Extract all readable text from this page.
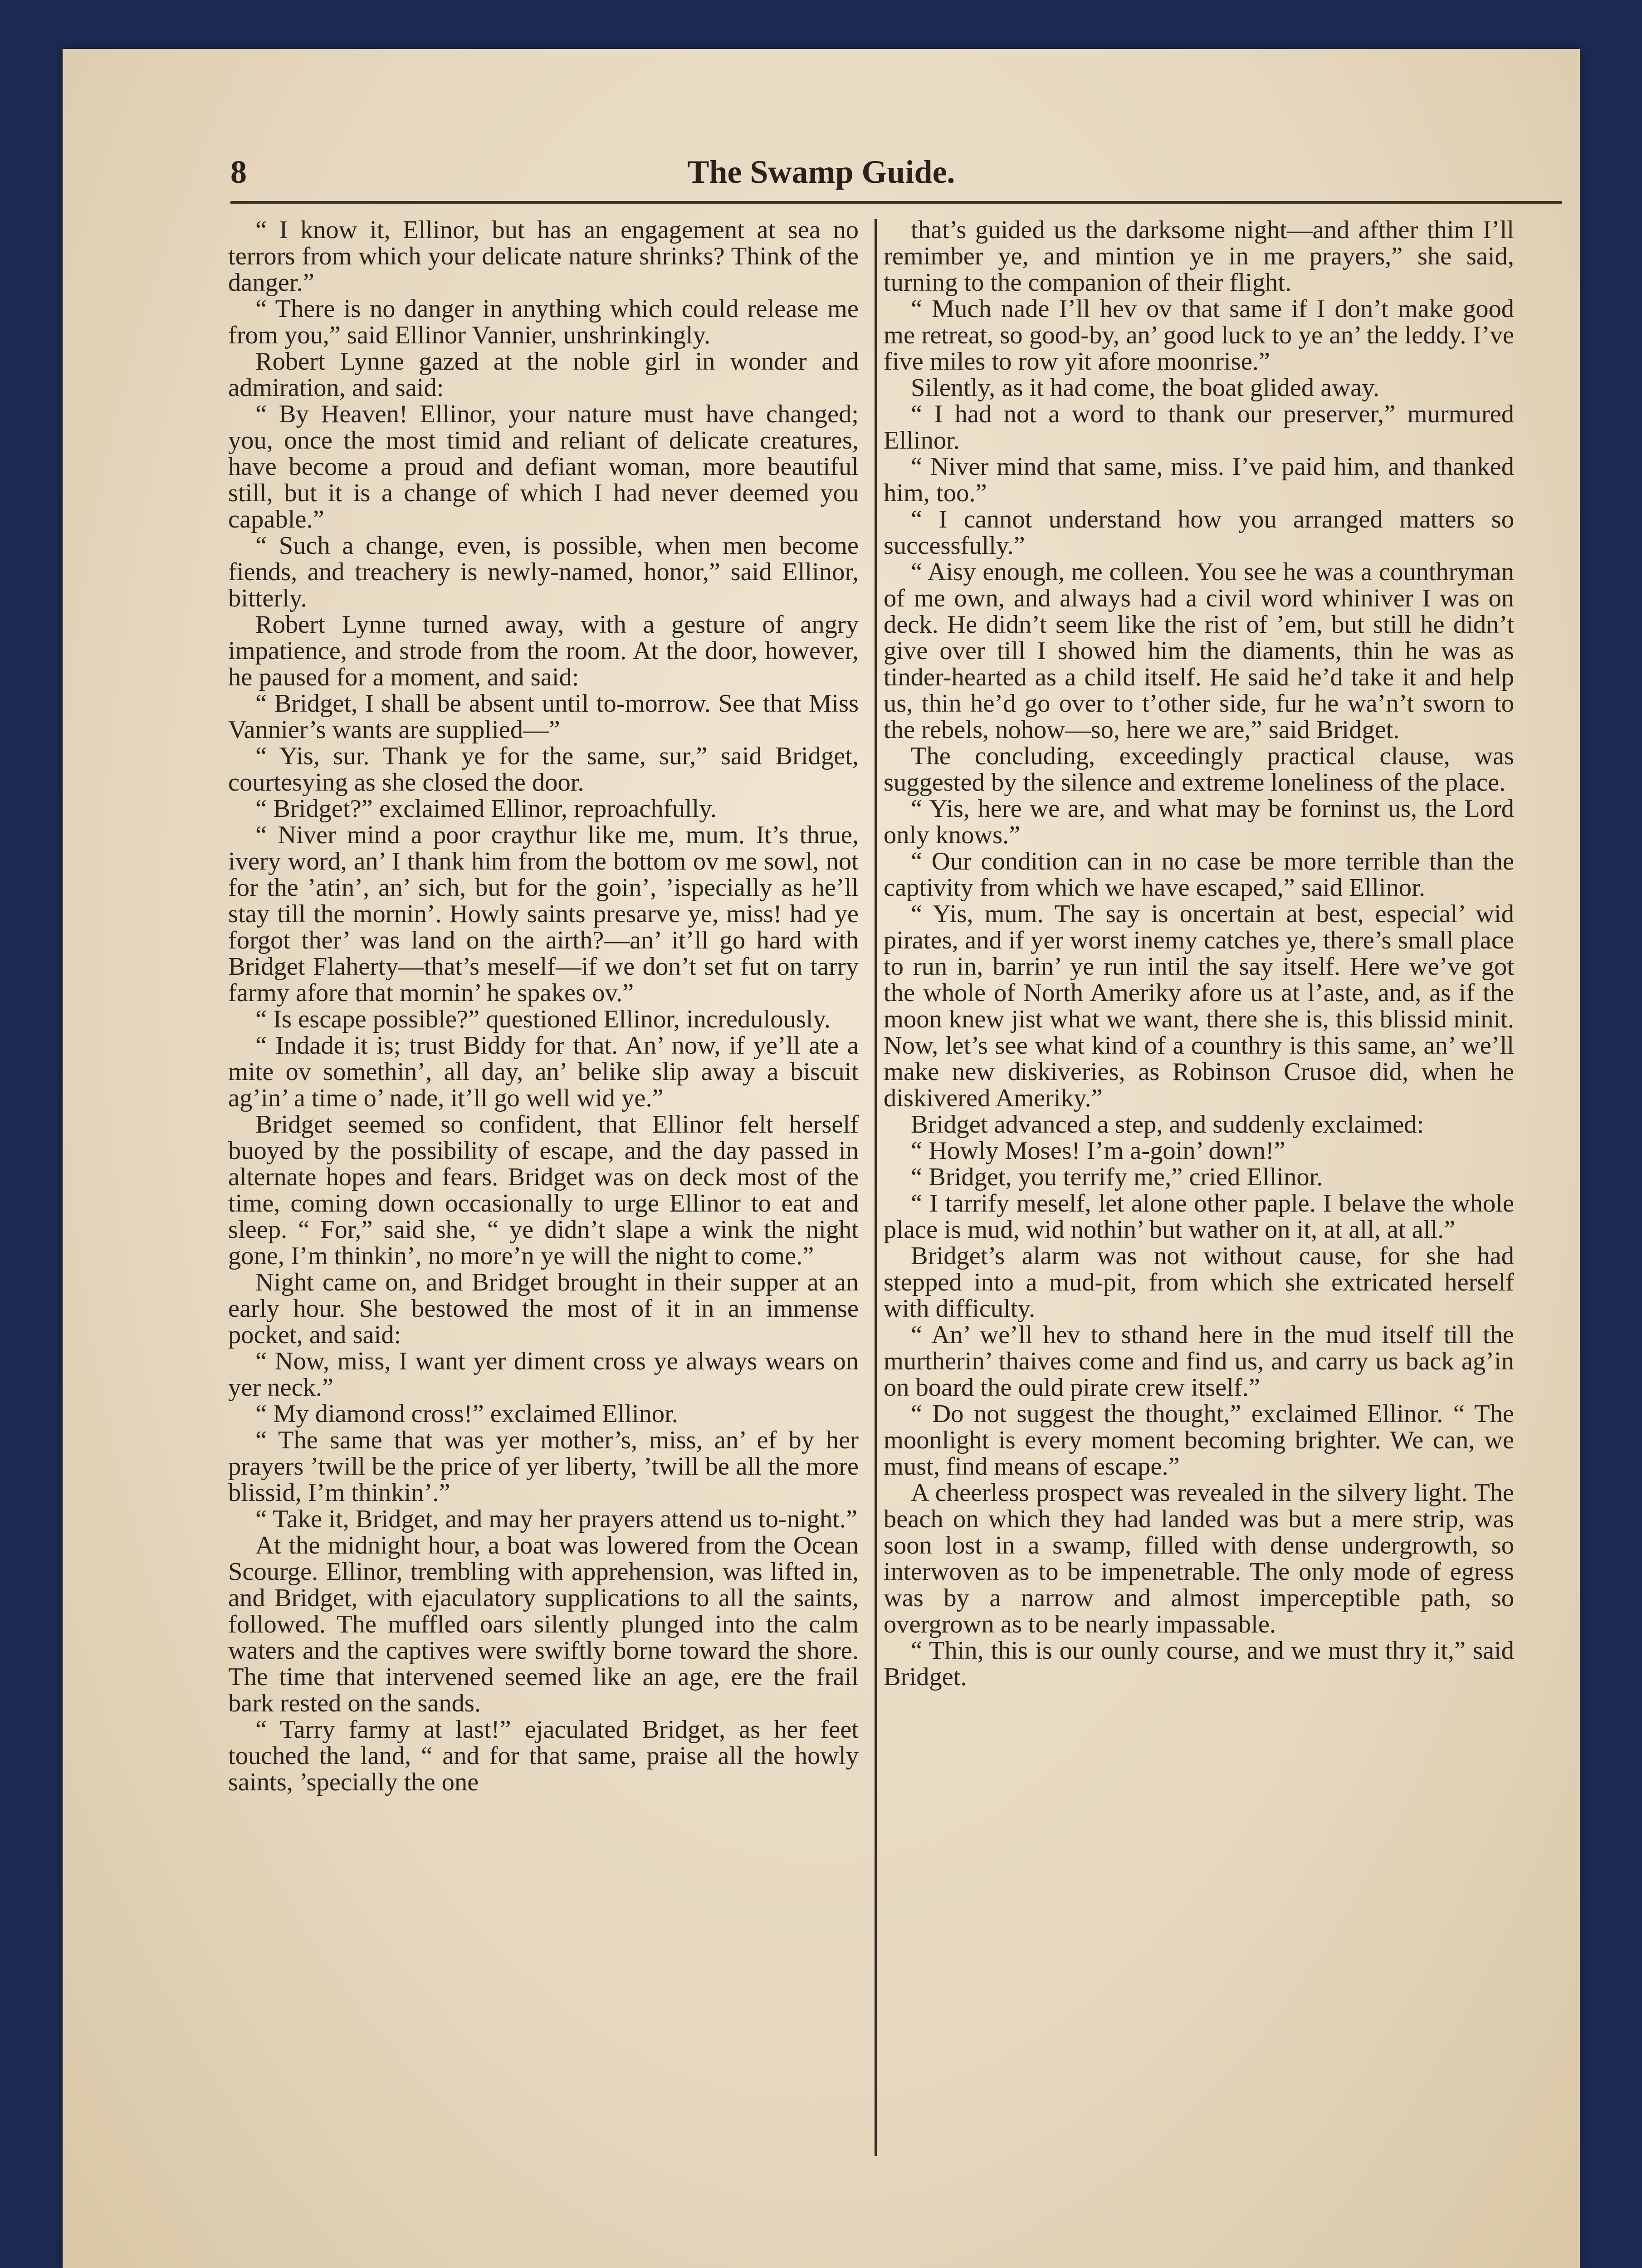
8	The Swamp Guide.

“ I know it, Ellinor, but has an engagement at sea no terrors from which your delicate nature shrinks? Think of the danger.”

“ There is no danger in anything which could release me from you,” said Ellinor Vannier, unshrinkingly.

Robert Lynne gazed at the noble girl in wonder and admiration, and said:

“ By Heaven! Ellinor, your nature must have changed; you, once the most timid and reliant of delicate creatures, have become a proud and defiant woman, more beautiful still, but it is a change of which I had never deemed you capable.”

“ Such a change, even, is possible, when men become fiends, and treachery is newly-named, honor,” said Ellinor, bitterly.

Robert Lynne turned away, with a gesture of angry impatience, and strode from the room. At the door, however, he paused for a moment, and said:

“ Bridget, I shall be absent until to-morrow. See that Miss Vannier’s wants are supplied—”

“ Yis, sur. Thank ye for the same, sur,” said Bridget, courtesying as she closed the door.

“ Bridget?” exclaimed Ellinor, reproachfully.

“ Niver mind a poor craythur like me, mum. It’s thrue, ivery word, an’ I thank him from the bottom ov me sowl, not for the ’atin’, an’ sich, but for the goin’, ’ispecially as he’ll stay till the mornin’. Howly saints presarve ye, miss! had ye forgot ther’ was land on the airth?—an’ it’ll go hard with Bridget Flaherty—that’s meself—if we don’t set fut on tarry farmy afore that mornin’ he spakes ov.”

“ Is escape possible?” questioned Ellinor, incredulously.

“ Indade it is; trust Biddy for that. An’ now, if ye’ll ate a mite ov somethin’, all day, an’ belike slip away a biscuit ag’in’ a time o’ nade, it’ll go well wid ye.”

Bridget seemed so confident, that Ellinor felt herself buoyed by the possibility of escape, and the day passed in alternate hopes and fears. Bridget was on deck most of the time, coming down occasionally to urge Ellinor to eat and sleep. “ For,” said she, “ ye didn’t slape a wink the night gone, I’m thinkin’, no more’n ye will the night to come.”

Night came on, and Bridget brought in their supper at an early hour. She bestowed the most of it in an immense pocket, and said:

“ Now, miss, I want yer diment cross ye always wears on yer neck.”

“ My diamond cross!” exclaimed Ellinor.

“ The same that was yer mother’s, miss, an’ ef by her prayers ’twill be the price of yer liberty, ’twill be all the more blissid, I’m thinkin’.”

“ Take it, Bridget, and may her prayers attend us to-night.”

At the midnight hour, a boat was lowered from the Ocean Scourge. Ellinor, trembling with apprehension, was lifted in, and Bridget, with ejaculatory supplications to all the saints, followed. The muffled oars silently plunged into the calm waters and the captives were swiftly borne toward the shore. The time that intervened seemed like an age, ere the frail bark rested on the sands.

“ Tarry farmy at last!” ejaculated Bridget, as her feet touched the land, “ and for that same, praise all the howly saints, ’specially the one

that’s guided us the darksome night—and afther thim I’ll remimber ye, and mintion ye in me prayers,” she said, turning to the companion of their flight.

“ Much nade I’ll hev ov that same if I don’t make good me retreat, so good-by, an’ good luck to ye an’ the leddy. I’ve five miles to row yit afore moonrise.”

Silently, as it had come, the boat glided away.

“ I had not a word to thank our preserver,” murmured Ellinor.

“ Niver mind that same, miss. I’ve paid him, and thanked him, too.”

“ I cannot understand how you arranged matters so successfully.”

“ Aisy enough, me colleen. You see he was a counthryman of me own, and always had a civil word whiniver I was on deck. He didn’t seem like the rist of ’em, but still he didn’t give over till I showed him the diaments, thin he was as tinder-hearted as a child itself. He said he’d take it and help us, thin he’d go over to t’other side, fur he wa’n’t sworn to the rebels, nohow—so, here we are,” said Bridget.

The concluding, exceedingly practical clause, was suggested by the silence and extreme loneliness of the place.

“ Yis, here we are, and what may be forninst us, the Lord only knows.”

“ Our condition can in no case be more terrible than the captivity from which we have escaped,” said Ellinor.

“ Yis, mum. The say is oncertain at best, especial’ wid pirates, and if yer worst inemy catches ye, there’s small place to run in, barrin’ ye run intil the say itself. Here we’ve got the whole of North Ameriky afore us at l’aste, and, as if the moon knew jist what we want, there she is, this blissid minit. Now, let’s see what kind of a counthry is this same, an’ we’ll make new diskiveries, as Robinson Crusoe did, when he diskivered Ameriky.”

Bridget advanced a step, and suddenly exclaimed:

“ Howly Moses! I’m a-goin’ down!”

“ Bridget, you terrify me,” cried Ellinor.

“ I tarrify meself, let alone other paple. I belave the whole place is mud, wid nothin’ but wather on it, at all, at all.”

Bridget’s alarm was not without cause, for she had stepped into a mud-pit, from which she extricated herself with difficulty.

“ An’ we’ll hev to sthand here in the mud itself till the murtherin’ thaives come and find us, and carry us back ag’in on board the ould pirate crew itself.”

“ Do not suggest the thought,” exclaimed Ellinor. “ The moonlight is every moment becoming brighter. We can, we must, find means of escape.”

A cheerless prospect was revealed in the silvery light. The beach on which they had landed was but a mere strip, was soon lost in a swamp, filled with dense undergrowth, so interwoven as to be impenetrable. The only mode of egress was by a narrow and almost imperceptible path, so overgrown as to be nearly impassable.

“ Thin, this is our ounly course, and we must thry it,” said Bridget.
